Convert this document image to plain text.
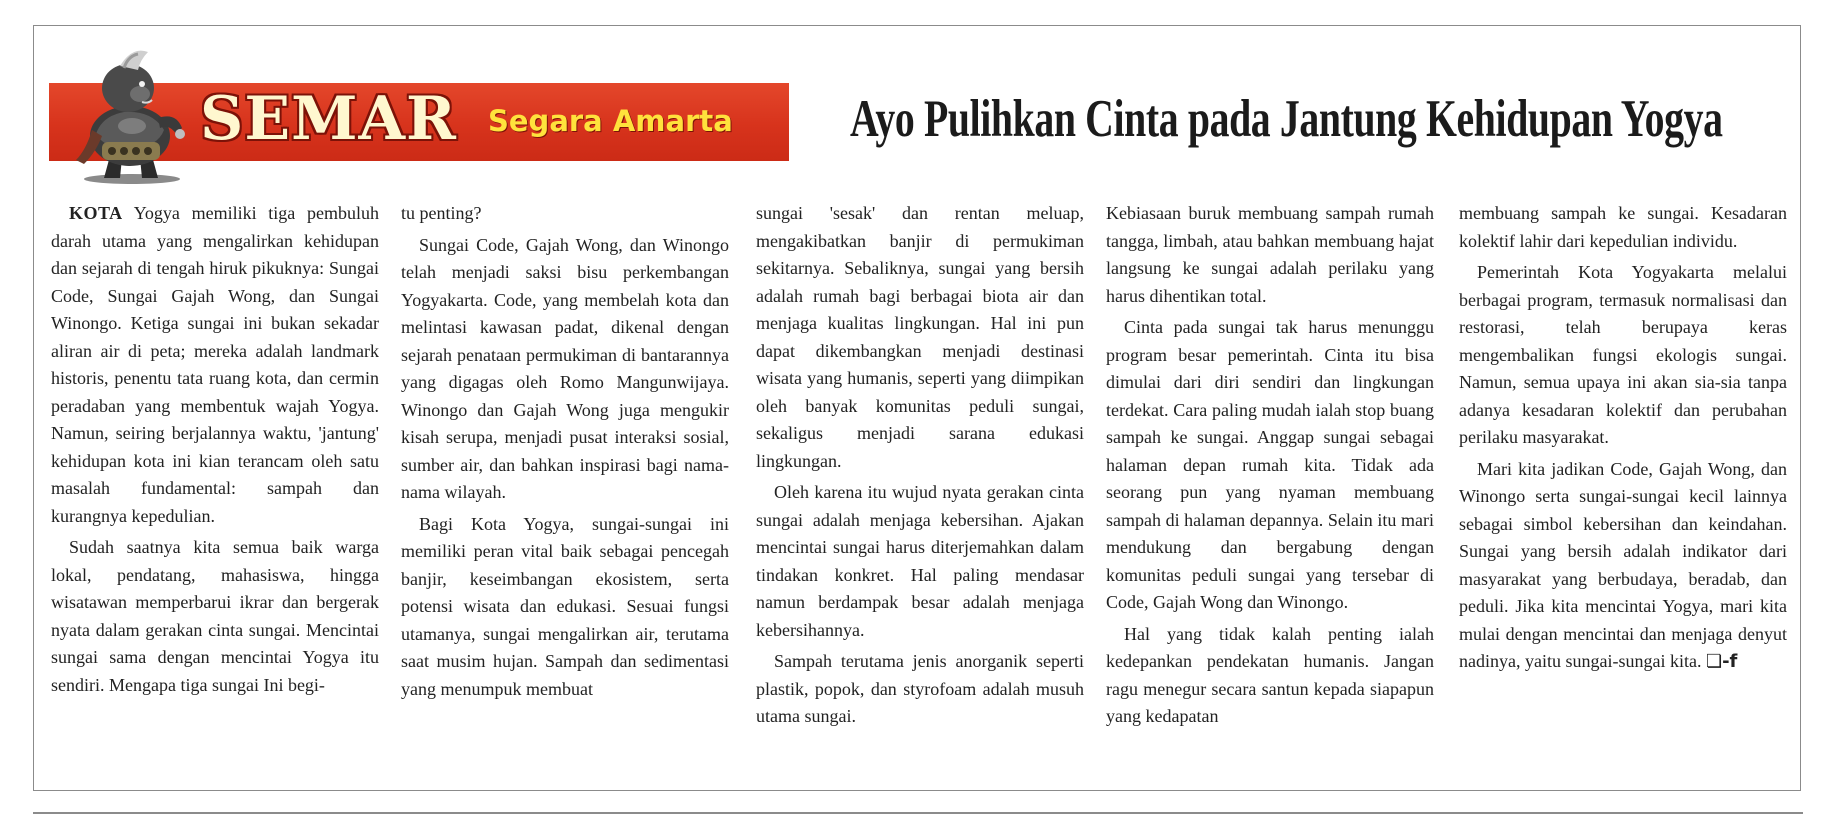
SEMAR Segara Amarta Ayo Pulihkan Cinta pada Jantung Kehidupan Yogya

KOTA Yogya memiliki tiga pembuluh darah utama yang mengalirkan kehidupan dan sejarah di tengah hiruk pikuknya: Sungai Code, Sungai Gajah Wong, dan Sungai Winongo. Ketiga sungai ini bukan sekadar aliran air di peta; mereka adalah landmark historis, penentu tata ruang kota, dan cermin peradaban yang membentuk wajah Yogya. Namun, seiring berjalannya waktu, 'jantung' kehidupan kota ini kian terancam oleh satu masalah fundamental: sampah dan kurangnya kepedulian.

Sudah saatnya kita semua baik warga lokal, pendatang, mahasiswa, hingga wisatawan memperbarui ikrar dan bergerak nyata dalam gerakan cinta sungai. Mencintai sungai sama dengan mencintai Yogya itu sendiri. Mengapa tiga sungai Ini begi-

tu penting?

Sungai Code, Gajah Wong, dan Winongo telah menjadi saksi bisu perkembangan Yogyakarta. Code, yang membelah kota dan melintasi kawasan padat, dikenal dengan sejarah penataan permukiman di bantarannya yang digagas oleh Romo Mangunwijaya. Winongo dan Gajah Wong juga mengukir kisah serupa, menjadi pusat interaksi sosial, sumber air, dan bahkan inspirasi bagi nama-nama wilayah.

Bagi Kota Yogya, sungai-sungai ini memiliki peran vital baik sebagai pencegah banjir, keseimbangan ekosistem, serta potensi wisata dan edukasi. Sesuai fungsi utamanya, sungai mengalirkan air, terutama saat musim hujan. Sampah dan sedimentasi yang menumpuk membuat

sungai 'sesak' dan rentan meluap, mengakibatkan banjir di permukiman sekitarnya. Sebaliknya, sungai yang bersih adalah rumah bagi berbagai biota air dan menjaga kualitas lingkungan. Hal ini pun dapat dikembangkan menjadi destinasi wisata yang humanis, seperti yang diimpikan oleh banyak komunitas peduli sungai, sekaligus menjadi sarana edukasi lingkungan.

Oleh karena itu wujud nyata gerakan cinta sungai adalah menjaga kebersihan. Ajakan mencintai sungai harus diterjemahkan dalam tindakan konkret. Hal paling mendasar namun berdampak besar adalah menjaga kebersihannya.

Sampah terutama jenis anorganik seperti plastik, popok, dan styrofoam adalah musuh utama sungai.

Kebiasaan buruk membuang sampah rumah tangga, limbah, atau bahkan membuang hajat langsung ke sungai adalah perilaku yang harus dihentikan total.

Cinta pada sungai tak harus menunggu program besar pemerintah. Cinta itu bisa dimulai dari diri sendiri dan lingkungan terdekat. Cara paling mudah ialah stop buang sampah ke sungai. Anggap sungai sebagai halaman depan rumah kita. Tidak ada seorang pun yang nyaman membuang sampah di halaman depannya. Selain itu mari mendukung dan bergabung dengan komunitas peduli sungai yang tersebar di Code, Gajah Wong dan Winongo.

Hal yang tidak kalah penting ialah kedepankan pendekatan humanis. Jangan ragu menegur secara santun kepada siapapun yang kedapatan

membuang sampah ke sungai. Kesadaran kolektif lahir dari kepedulian individu.

Pemerintah Kota Yogyakarta melalui berbagai program, termasuk normalisasi dan restorasi, telah berupaya keras mengembalikan fungsi ekologis sungai. Namun, semua upaya ini akan sia-sia tanpa adanya kesadaran kolektif dan perubahan perilaku masyarakat.

Mari kita jadikan Code, Gajah Wong, dan Winongo serta sungai-sungai kecil lainnya sebagai simbol kebersihan dan keindahan. Sungai yang bersih adalah indikator dari masyarakat yang berbudaya, beradab, dan peduli. Jika kita mencintai Yogya, mari kita mulai dengan mencintai dan menjaga denyut nadinya, yaitu sungai-sungai kita. ❏-f
